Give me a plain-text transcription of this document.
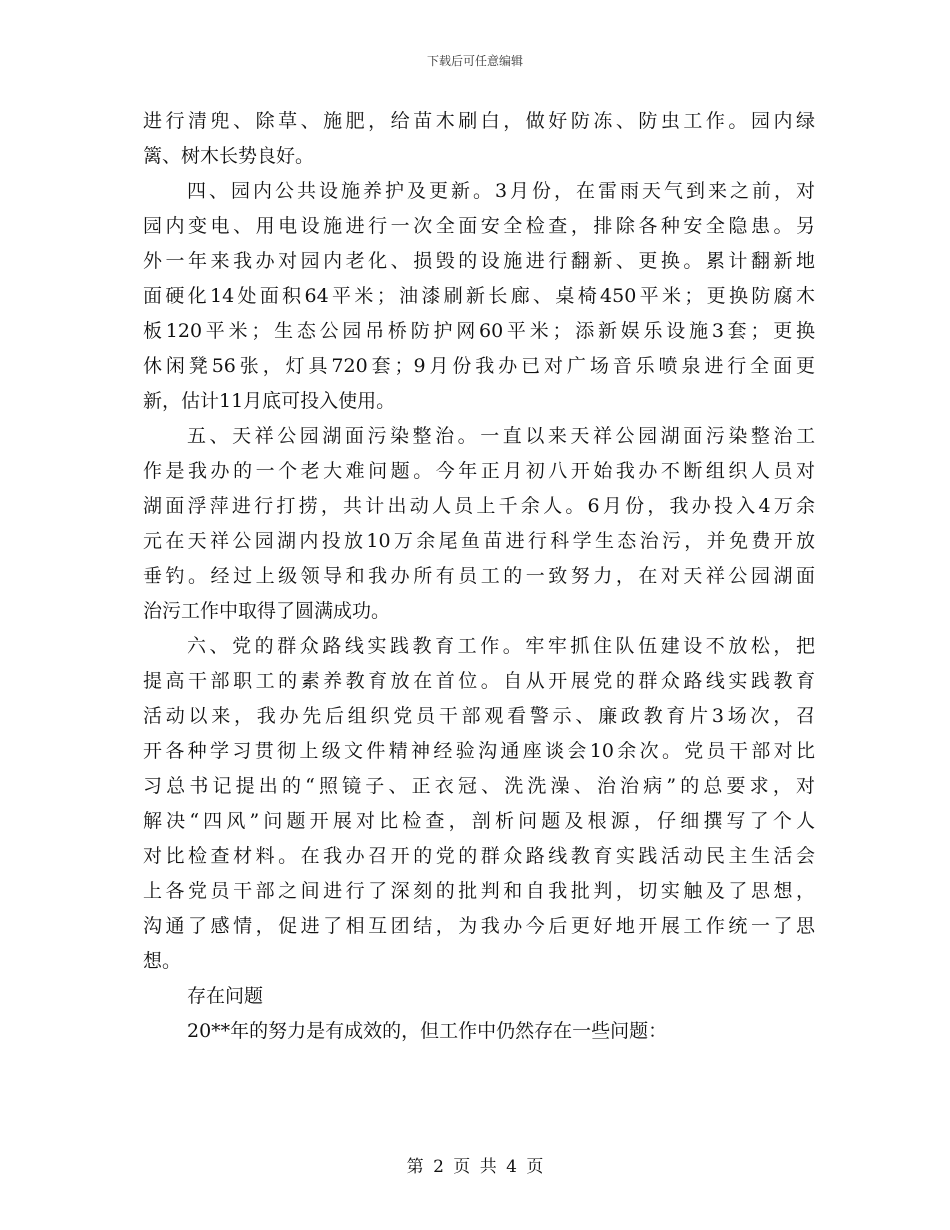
下载后可任意编辑
进行清兜、除草、施肥，给苗木刷白，做好防冻、防虫工作。园内绿
篱、树木长势良好。
四、园内公共设施养护及更新。3月份，在雷雨天气到来之前，对
园内变电、用电设施进行一次全面安全检查，排除各种安全隐患。另
外一年来我办对园内老化、损毁的设施进行翻新、更换。累计翻新地
面硬化14处面积64平米；油漆刷新长廊、桌椅450平米；更换防腐木
板120平米；生态公园吊桥防护网60平米；添新娱乐设施3套；更换
休闲凳56张，灯具720套；9月份我办已对广场音乐喷泉进行全面更
新，估计11月底可投入使用。
五、天祥公园湖面污染整治。一直以来天祥公园湖面污染整治工
作是我办的一个老大难问题。今年正月初八开始我办不断组织人员对
湖面浮萍进行打捞，共计出动人员上千余人。6月份，我办投入4万余
元在天祥公园湖内投放10万余尾鱼苗进行科学生态治污，并免费开放
垂钓。经过上级领导和我办所有员工的一致努力，在对天祥公园湖面
治污工作中取得了圆满成功。
六、党的群众路线实践教育工作。牢牢抓住队伍建设不放松，把
提高干部职工的素养教育放在首位。自从开展党的群众路线实践教育
活动以来，我办先后组织党员干部观看警示、廉政教育片3场次，召
开各种学习贯彻上级文件精神经验沟通座谈会10余次。党员干部对比
习总书记提出的“照镜子、正衣冠、洗洗澡、治治病”的总要求，对
解决“四风”问题开展对比检查，剖析问题及根源，仔细撰写了个人
对比检查材料。在我办召开的党的群众路线教育实践活动民主生活会
上各党员干部之间进行了深刻的批判和自我批判，切实触及了思想，
沟通了感情，促进了相互团结，为我办今后更好地开展工作统一了思
想。
存在问题
20**年的努力是有成效的，但工作中仍然存在一些问题：
第 2 页 共 4 页
